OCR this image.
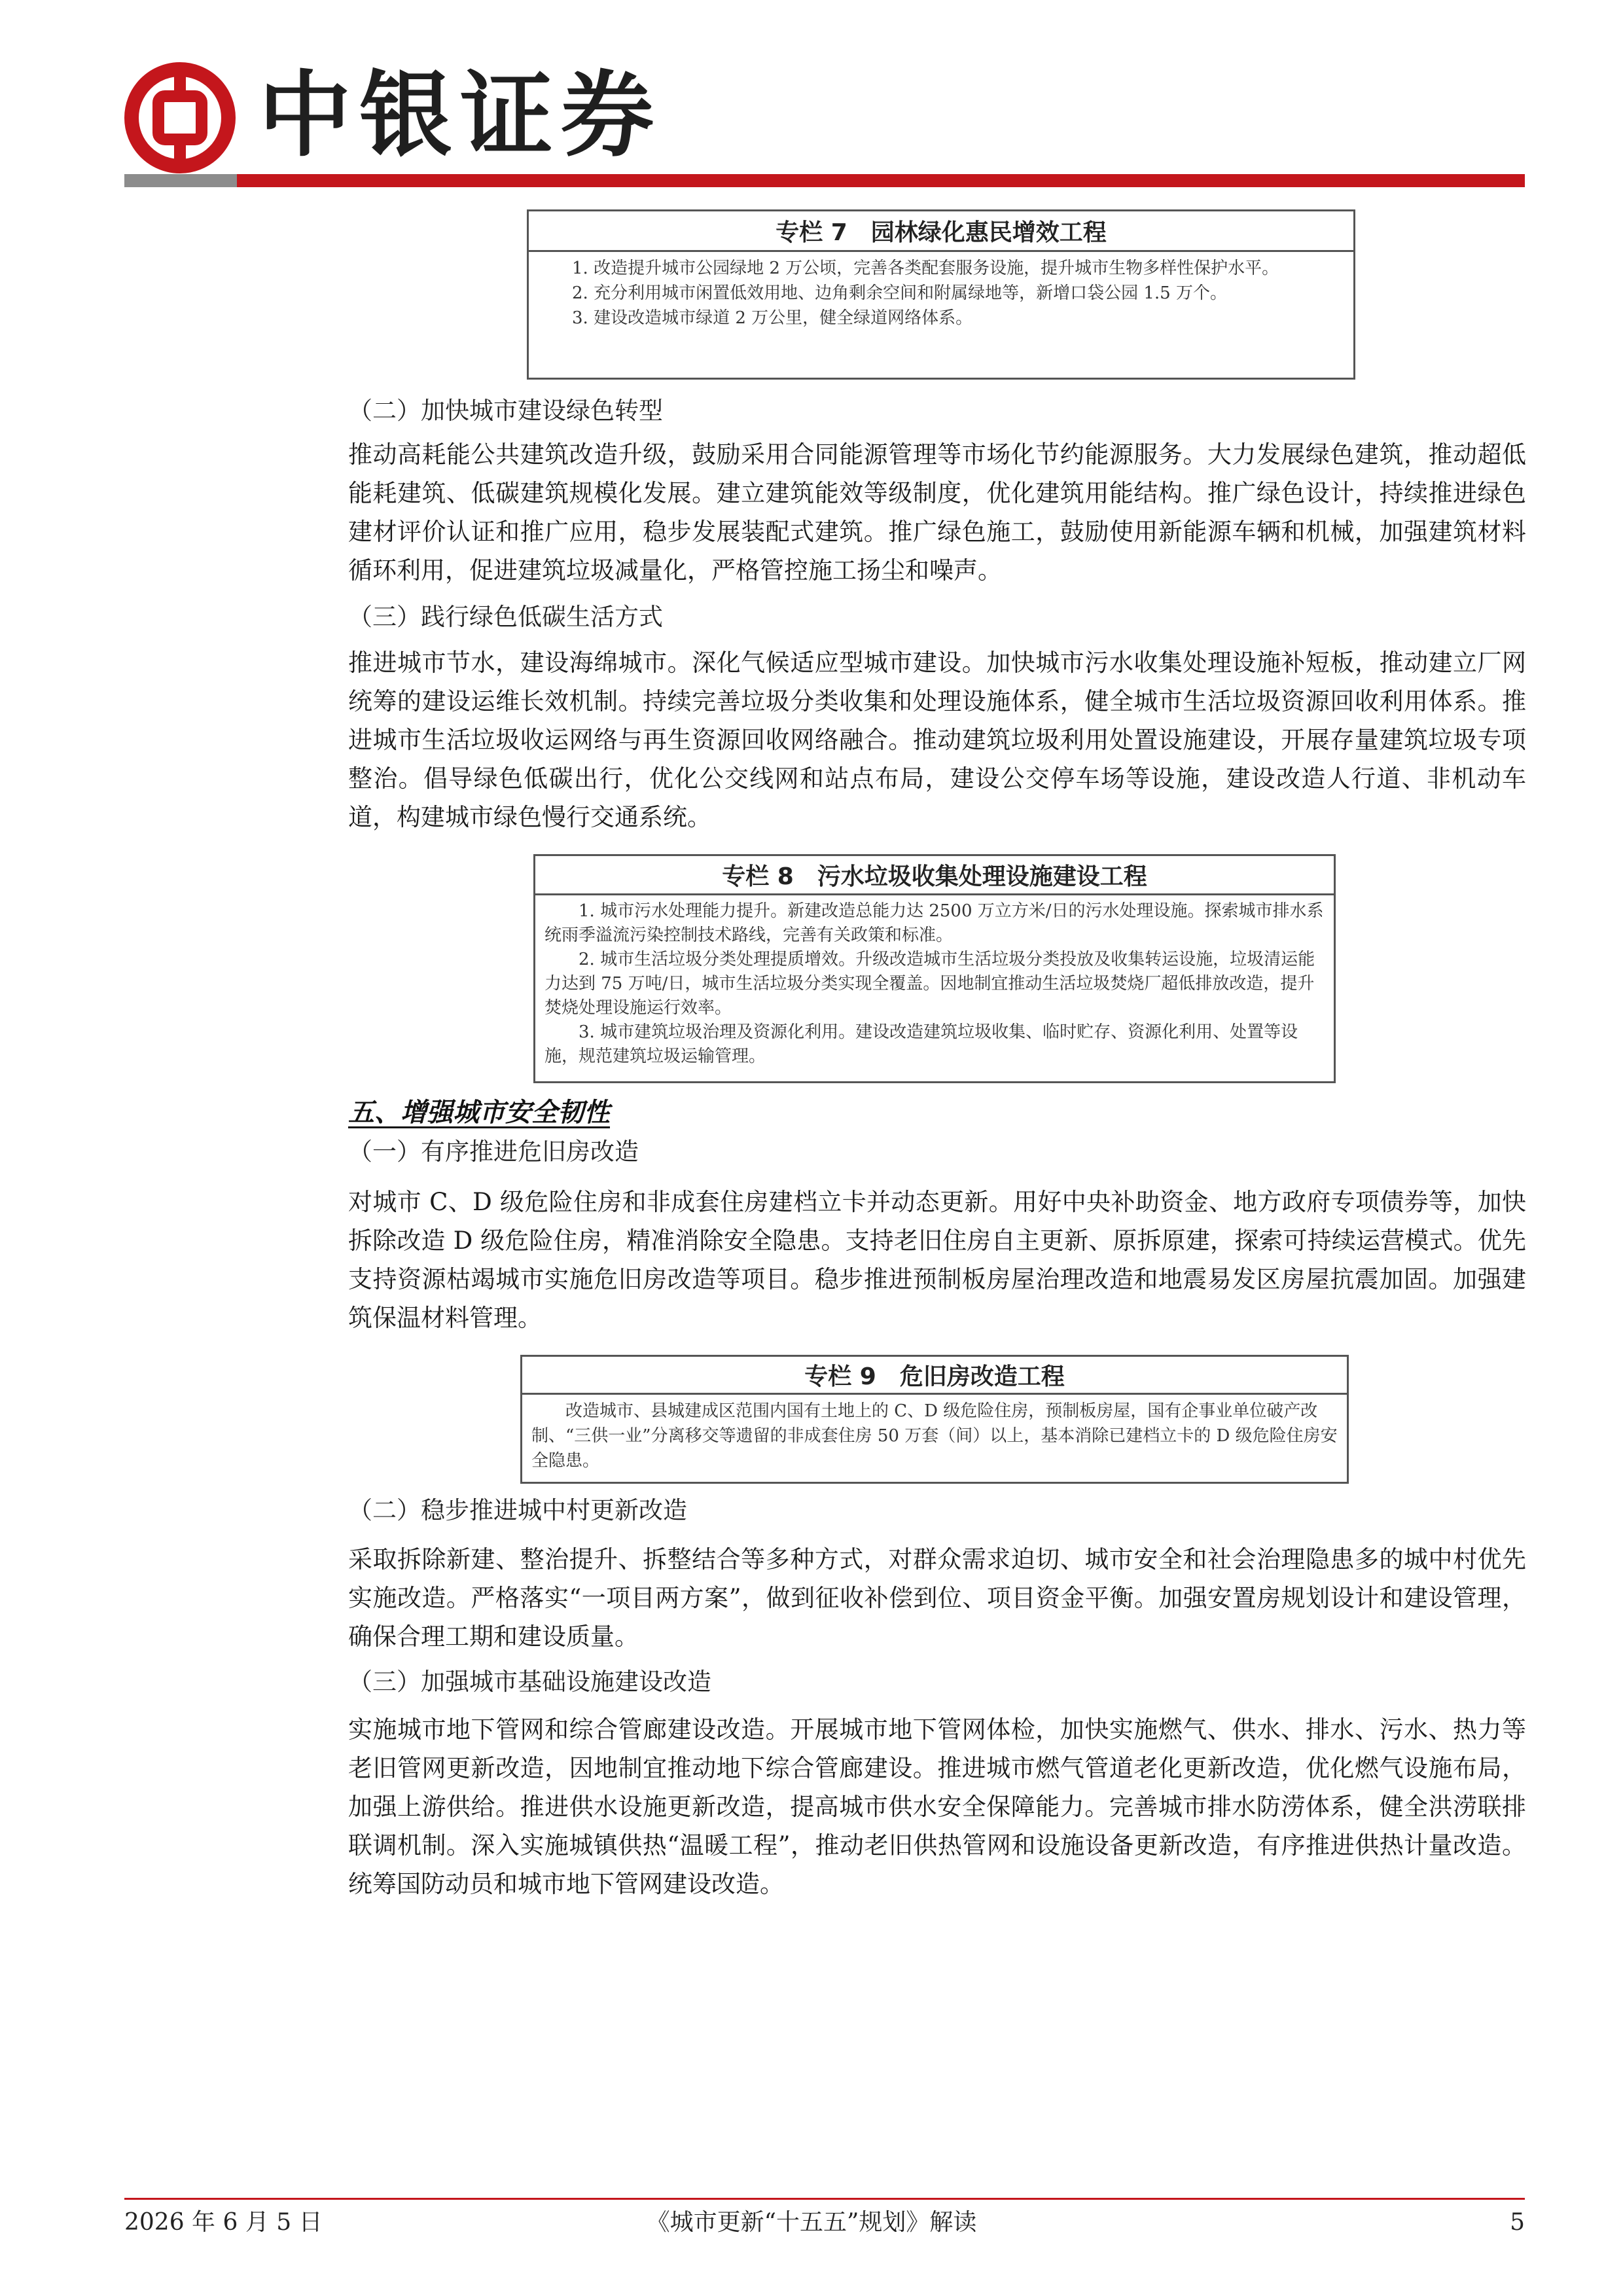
中银证券
专栏 7 园林绿化惠民增效工程

1. 改造提升城市公园绿地 2 万公顷，完善各类配套服务设施，提升城市生物多样性保护水平。

2. 充分利用城市闲置低效用地、边角剩余空间和附属绿地等，新增口袋公园 1.5 万个。

3. 建设改造城市绿道 2 万公里，健全绿道网络体系。

（二）加快城市建设绿色转型

推动高耗能公共建筑改造升级，鼓励采用合同能源管理等市场化节约能源服务。大力发展绿色建筑，推动超低能耗建筑、低碳建筑规模化发展。建立建筑能效等级制度，优化建筑用能结构。推广绿色设计，持续推进绿色建材评价认证和推广应用，稳步发展装配式建筑。推广绿色施工，鼓励使用新能源车辆和机械，加强建筑材料循环利用，促进建筑垃圾减量化，严格管控施工扬尘和噪声。

（三）践行绿色低碳生活方式

推进城市节水，建设海绵城市。深化气候适应型城市建设。加快城市污水收集处理设施补短板，推动建立厂网统筹的建设运维长效机制。持续完善垃圾分类收集和处理设施体系，健全城市生活垃圾资源回收利用体系。推进城市生活垃圾收运网络与再生资源回收网络融合。推动建筑垃圾利用处置设施建设，开展存量建筑垃圾专项整治。倡导绿色低碳出行，优化公交线网和站点布局，建设公交停车场等设施，建设改造人行道、非机动车道，构建城市绿色慢行交通系统。

专栏 8 污水垃圾收集处理设施建设工程

1. 城市污水处理能力提升。新建改造总能力达 2500 万立方米/日的污水处理设施。探索城市排水系统雨季溢流污染控制技术路线，完善有关政策和标准。

2. 城市生活垃圾分类处理提质增效。升级改造城市生活垃圾分类投放及收集转运设施，垃圾清运能力达到 75 万吨/日，城市生活垃圾分类实现全覆盖。因地制宜推动生活垃圾焚烧厂超低排放改造，提升焚烧处理设施运行效率。

3. 城市建筑垃圾治理及资源化利用。建设改造建筑垃圾收集、临时贮存、资源化利用、处置等设施，规范建筑垃圾运输管理。

五、增强城市安全韧性
（一）有序推进危旧房改造

对城市 C、D 级危险住房和非成套住房建档立卡并动态更新。用好中央补助资金、地方政府专项债券等，加快拆除改造 D 级危险住房，精准消除安全隐患。支持老旧住房自主更新、原拆原建，探索可持续运营模式。优先支持资源枯竭城市实施危旧房改造等项目。稳步推进预制板房屋治理改造和地震易发区房屋抗震加固。加强建筑保温材料管理。

专栏 9 危旧房改造工程

改造城市、县城建成区范围内国有土地上的 C、D 级危险住房，预制板房屋，国有企事业单位破产改制、“三供一业”分离移交等遗留的非成套住房 50 万套（间）以上，基本消除已建档立卡的 D 级危险住房安全隐患。

（二）稳步推进城中村更新改造

采取拆除新建、整治提升、拆整结合等多种方式，对群众需求迫切、城市安全和社会治理隐患多的城中村优先实施改造。严格落实“一项目两方案”，做到征收补偿到位、项目资金平衡。加强安置房规划设计和建设管理，确保合理工期和建设质量。

（三）加强城市基础设施建设改造

实施城市地下管网和综合管廊建设改造。开展城市地下管网体检，加快实施燃气、供水、排水、污水、热力等老旧管网更新改造，因地制宜推动地下综合管廊建设。推进城市燃气管道老化更新改造，优化燃气设施布局，加强上游供给。推进供水设施更新改造，提高城市供水安全保障能力。完善城市排水防涝体系，健全洪涝联排联调机制。深入实施城镇供热“温暖工程”，推动老旧供热管网和设施设备更新改造，有序推进供热计量改造。统筹国防动员和城市地下管网建设改造。

2026 年 6 月 5 日	《城市更新“十五五”规划》解读	5
